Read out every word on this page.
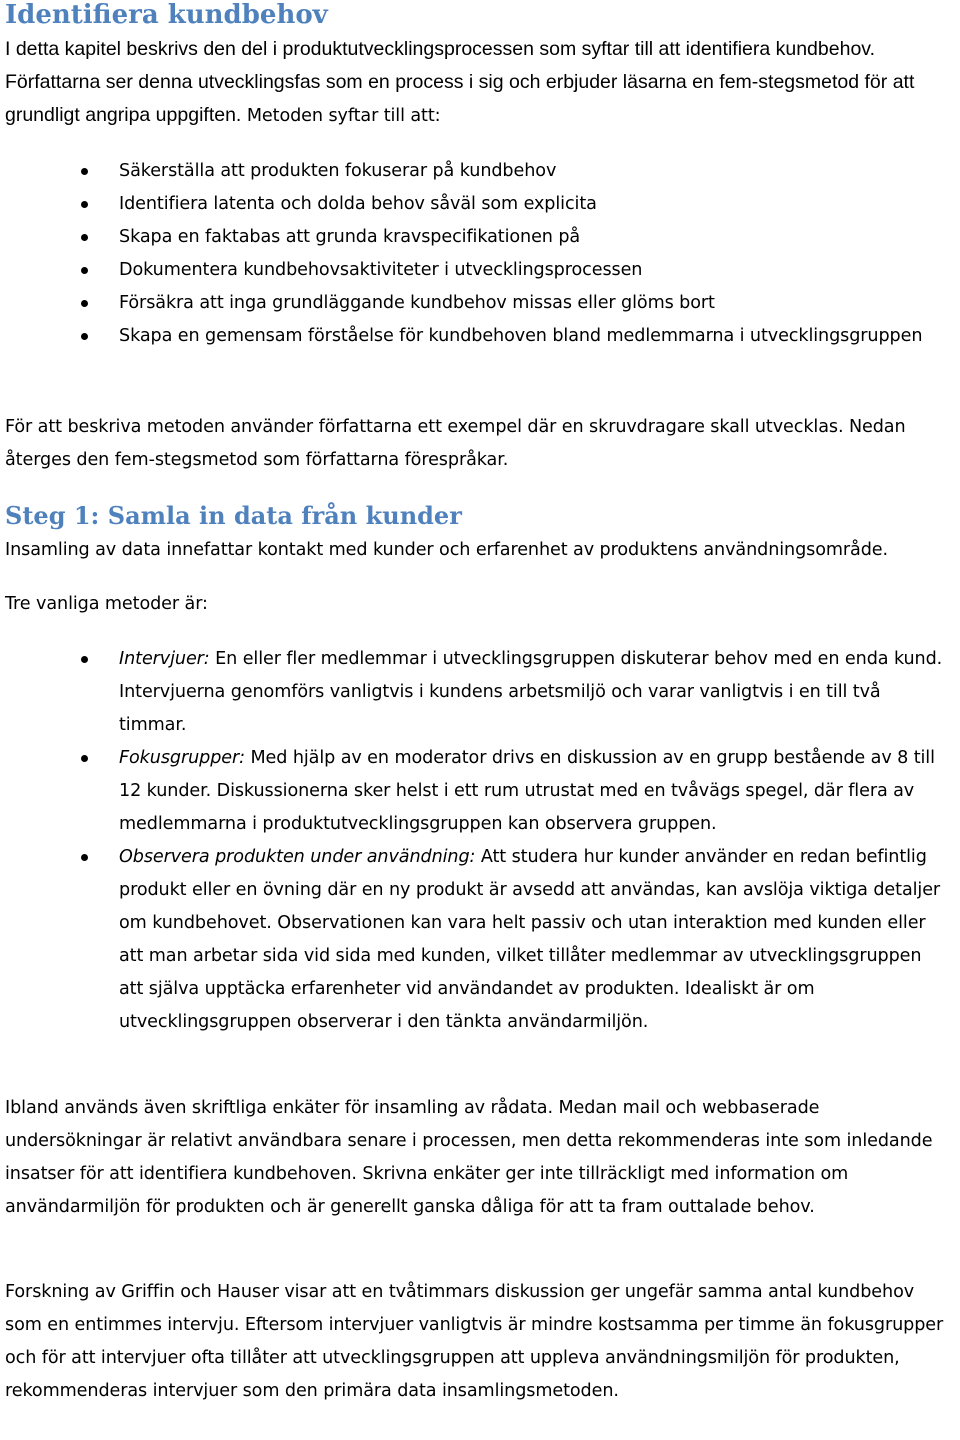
Identifiera kundbehov

I detta kapitel beskrivs den del i produktutvecklingsprocessen som syftar till att identifiera kundbehov. Författarna ser denna utvecklingsfas som en process i sig och erbjuder läsarna en fem-stegsmetod för att grundligt angripa uppgiften. Metoden syftar till att:

Säkerställa att produkten fokuserar på kundbehov
Identifiera latenta och dolda behov såväl som explicita
Skapa en faktabas att grunda kravspecifikationen på
Dokumentera kundbehovsaktiviteter i utvecklingsprocessen
Försäkra att inga grundläggande kundbehov missas eller glöms bort
Skapa en gemensam förståelse för kundbehoven bland medlemmarna i utvecklingsgruppen

För att beskriva metoden använder författarna ett exempel där en skruvdragare skall utvecklas. Nedan återges den fem-stegsmetod som författarna förespråkar.

Steg 1: Samla in data från kunder

Insamling av data innefattar kontakt med kunder och erfarenhet av produktens användningsområde.

Tre vanliga metoder är:

Intervjuer: En eller fler medlemmar i utvecklingsgruppen diskuterar behov med en enda kund. Intervjuerna genomförs vanligtvis i kundens arbetsmiljö och varar vanligtvis i en till två timmar.
Fokusgrupper: Med hjälp av en moderator drivs en diskussion av en grupp bestående av 8 till 12 kunder. Diskussionerna sker helst i ett rum utrustat med en tvåvägs spegel, där flera av medlemmarna i produktutvecklingsgruppen kan observera gruppen.
Observera produkten under användning: Att studera hur kunder använder en redan befintlig produkt eller en övning där en ny produkt är avsedd att användas, kan avslöja viktiga detaljer om kundbehovet. Observationen kan vara helt passiv och utan interaktion med kunden eller att man arbetar sida vid sida med kunden, vilket tillåter medlemmar av utvecklingsgruppen att själva upptäcka erfarenheter vid användandet av produkten. Idealiskt är om utvecklingsgruppen observerar i den tänkta användarmiljön.

Ibland används även skriftliga enkäter för insamling av rådata. Medan mail och webbaserade undersökningar är relativt användbara senare i processen, men detta rekommenderas inte som inledande insatser för att identifiera kundbehoven. Skrivna enkäter ger inte tillräckligt med information om användarmiljön för produkten och är generellt ganska dåliga för att ta fram outtalade behov.

Forskning av Griffin och Hauser visar att en tvåtimmars diskussion ger ungefär samma antal kundbehov som en entimmes intervju. Eftersom intervjuer vanligtvis är mindre kostsamma per timme än fokusgrupper och för att intervjuer ofta tillåter att utvecklingsgruppen att uppleva användningsmiljön för produkten, rekommenderas intervjuer som den primära data insamlingsmetoden.
